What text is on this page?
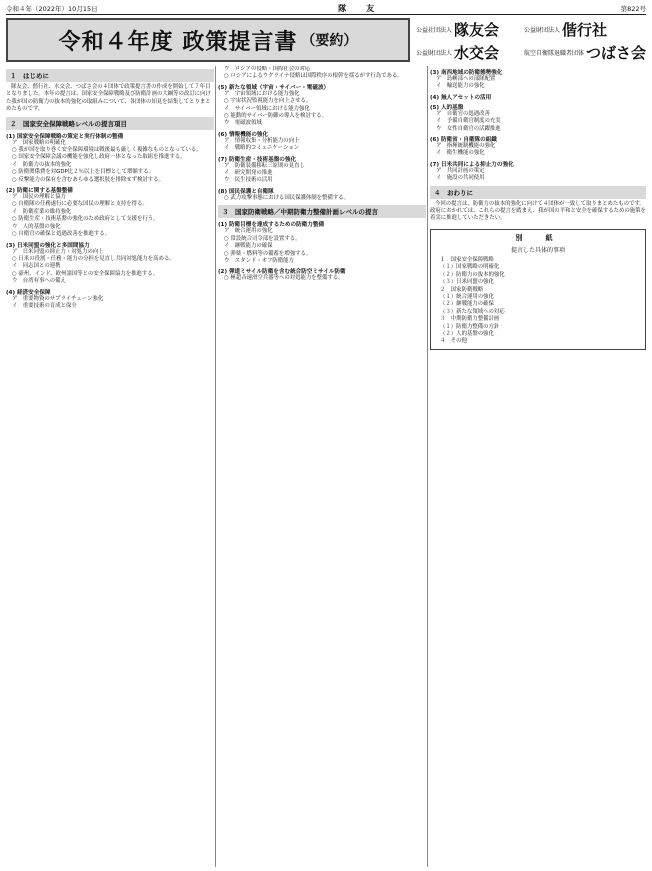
令和４年（2022年）10月15日	隊　友	第822号
令和４年度 政策提言書 （要約）
公益社団法人 隊友会	公益財団法人 偕行社
公益財団法人 水交会	航空自衛隊退職者団体 つばさ会
１　はじめに
隊友会、偕行社、水交会、つばさ会の４団体で政策提言書の作成を開始して７年目となりました。本年の提言は、国家安全保障戦略及び防衛計画の大綱等の改訂に向けた我が国の防衛力の抜本的強化の取組みについて、各団体の知見を結集してとりまとめたものです。
２　国家安全保障戦略レベルの提言項目
(1) 国家安全保障戦略の策定と実行体制の整備
ア　国家戦略の明確化
○ 我が国を取り巻く安全保障環境は戦後最も厳しく複雑なものとなっている。
○ 国家安全保障会議の機能を強化し政府一体となった取組を推進する。
イ　防衛力の抜本的強化
○ 防衛関係費を対GDP比２％以上を目標として増額する。
○ 反撃能力の保有を含むあらゆる選択肢を排除せず検討する。
(2) 防衛に関する基盤整備
ア　国民の理解と協力
○ 自衛隊の任務遂行に必要な国民の理解と支持を得る。
イ　防衛産業の維持強化
○ 防衛生産・技術基盤の強化のため政府として支援を行う。
ウ　人的基盤の強化
○ 自衛官の確保と処遇改善を推進する。
(3) 日米同盟の強化と多国間協力
ア　日米同盟の抑止力・対処力の向上
○ 日米の役割・任務・能力の分担を見直し共同対処能力を高める。
イ　同志国との連携
○ 豪州、インド、欧州諸国等との安全保障協力を推進する。
ウ　台湾有事への備え
(4) 経済安全保障
ア　重要物資のサプライチェーン強化
イ　重要技術の育成と保全
ウ　ロシアの侵略・国際社会の対応
○ ロシアによるウクライナ侵略は国際秩序の根幹を揺るがす行為である。
(5) 新たな領域（宇宙・サイバー・電磁波）
ア　宇宙領域における能力強化
○ 宇宙状況監視能力を向上させる。
イ　サイバー領域における能力強化
○ 能動的サイバー防御の導入を検討する。
ウ　電磁波領域
(6) 情報機能の強化
ア　情報収集・分析能力の向上
イ　戦略的コミュニケーション
(7) 防衛生産・技術基盤の強化
ア　防衛装備移転三原則の見直し
イ　研究開発の推進
ウ　民生技術の活用
(8) 国民保護と自衛隊
○ 武力攻撃事態における国民保護体制を整備する。
３　国家防衛戦略／中期防衛力整備計画レベルの提言
(1) 防衛目標を達成するための防衛力整備
ア　統合運用の強化
○ 常設統合司令部を設置する。
イ　継戦能力の確保
○ 弾薬・燃料等の備蓄を増強する。
ウ　スタンド・オフ防衛能力
(2) 弾道ミサイル防衛を含む統合防空ミサイル防衛
○ 極超音速滑空兵器等への対処能力を整備する。
(3) 南西地域の防衛態勢強化
ア　島嶼部への部隊配置
イ　輸送能力の強化
(4) 無人アセットの活用
(5) 人的基盤
ア　自衛官の処遇改善
イ　予備自衛官制度の充実
ウ　女性自衛官の活躍推進
(6) 防衛省・自衛隊の組織
ア　指揮統制機能の強化
イ　衛生機能の強化
(7) 日米共同による抑止力の強化
ア　共同計画の策定
イ　施設の共同使用
４　おわりに
今回の提言は、防衛力の抜本的強化に向けて４団体が一致して取りまとめたものです。政府におかれては、これらの提言を踏まえ、我が国の平和と安全を確保するための施策を着実に推進していただきたい。
別　紙
提言した具体的事項
１　国家安全保障戦略
（１）国家戦略の明確化
（２）防衛力の抜本的強化
（３）日米同盟の強化
２　国家防衛戦略
（１）統合運用の強化
（２）継戦能力の確保
（３）新たな領域への対応
３　中期防衛力整備計画
（１）防衛力整備の方針
（２）人的基盤の強化
４　その他
